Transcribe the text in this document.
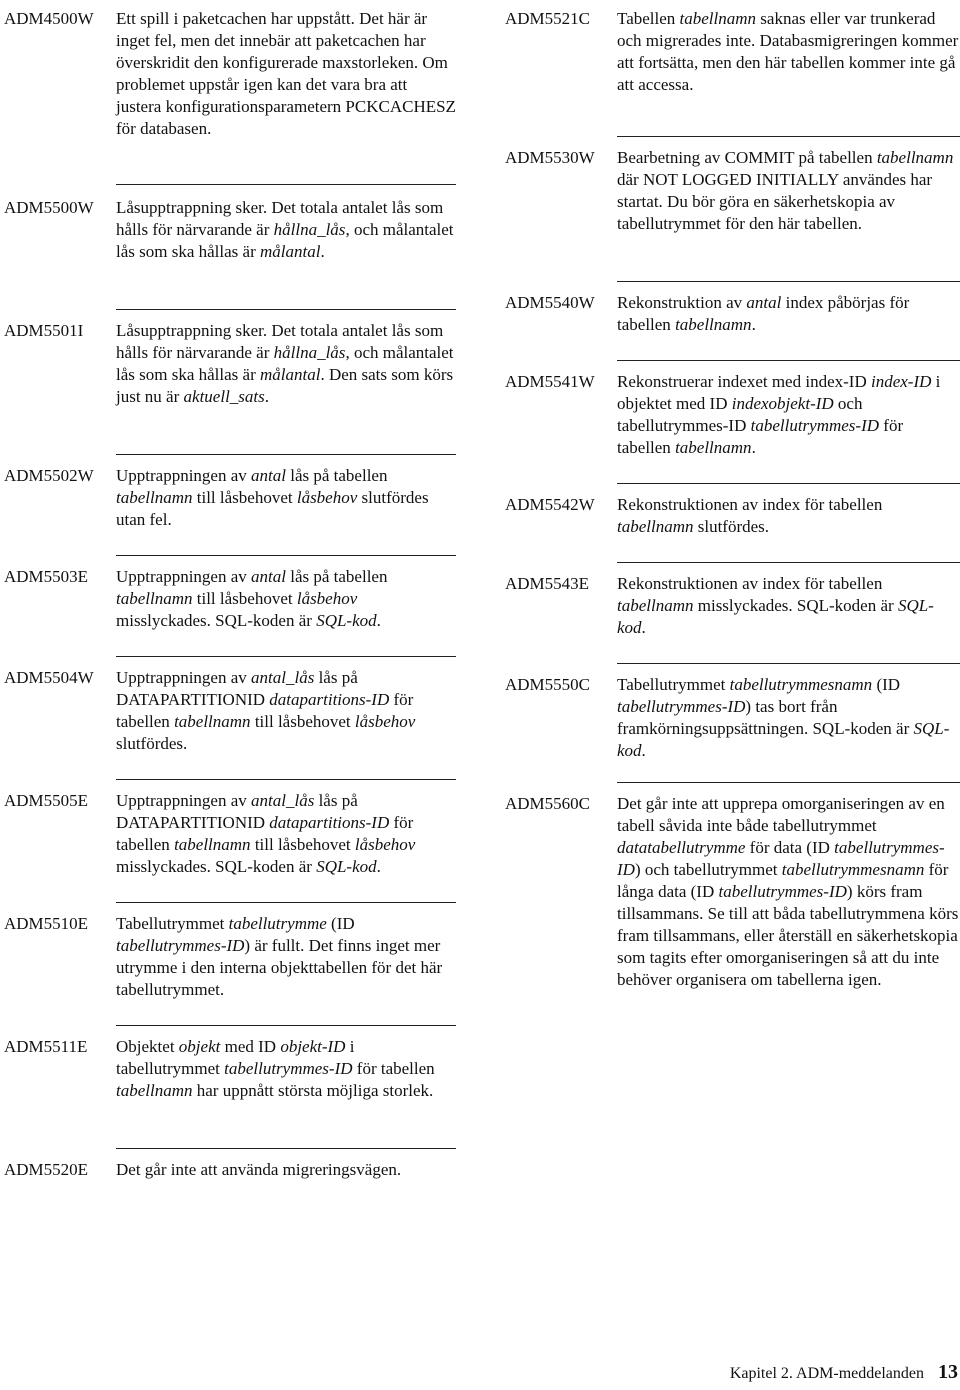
ADM4500W	Ett spill i paketcachen har uppstått. Det här är inget fel, men det innebär att paketcachen har överskridit den konfigurerade maxstorleken. Om problemet uppstår igen kan det vara bra att justera konfigurationsparametern PCKCACHESZ för databasen.
ADM5500W	Låsupptrappning sker. Det totala antalet lås som hålls för närvarande är hållna_lås, och målantalet lås som ska hållas är målantal.
ADM5501I	Låsupptrappning sker. Det totala antalet lås som hålls för närvarande är hållna_lås, och målantalet lås som ska hållas är målantal. Den sats som körs just nu är aktuell_sats.
ADM5502W	Upptrappningen av antal lås på tabellen tabellnamn till låsbehovet låsbehov slutfördes utan fel.
ADM5503E	Upptrappningen av antal lås på tabellen tabellnamn till låsbehovet låsbehov misslyckades. SQL-koden är SQL-kod.
ADM5504W	Upptrappningen av antal_lås lås på DATAPARTITIONID datapartitions-ID för tabellen tabellnamn till låsbehovet låsbehov slutfördes.
ADM5505E	Upptrappningen av antal_lås lås på DATAPARTITIONID datapartitions-ID för tabellen tabellnamn till låsbehovet låsbehov misslyckades. SQL-koden är SQL-kod.
ADM5510E	Tabellutrymmet tabellutrymme (ID tabellutrymmes-ID) är fullt. Det finns inget mer utrymme i den interna objekttabellen för det här tabellutrymmet.
ADM5511E	Objektet objekt med ID objekt-ID i tabellutrymmet tabellutrymmes-ID för tabellen tabellnamn har uppnått största möjliga storlek.
ADM5520E	Det går inte att använda migreringsvägen.
ADM5521C	Tabellen tabellnamn saknas eller var trunkerad och migrerades inte. Databasmigreringen kommer att fortsätta, men den här tabellen kommer inte gå att accessa.
ADM5530W	Bearbetning av COMMIT på tabellen tabellnamn där NOT LOGGED INITIALLY användes har startat. Du bör göra en säkerhetskopia av tabellutrymmet för den här tabellen.
ADM5540W	Rekonstruktion av antal index påbörjas för tabellen tabellnamn.
ADM5541W	Rekonstruerar indexet med index-ID index-ID i objektet med ID indexobjekt-ID och tabellutrymmes-ID tabellutrymmes-ID för tabellen tabellnamn.
ADM5542W	Rekonstruktionen av index för tabellen tabellnamn slutfördes.
ADM5543E	Rekonstruktionen av index för tabellen tabellnamn misslyckades. SQL-koden är SQL-kod.
ADM5550C	Tabellutrymmet tabellutrymmesnamn (ID tabellutrymmes-ID) tas bort från framkörningsuppsättningen. SQL-koden är SQL-kod.
ADM5560C	Det går inte att upprepa omorganiseringen av en tabell såvida inte både tabellutrymmet datatabellutrymme för data (ID tabellutrymmes-ID) och tabellutrymmet tabellutrymmesnamn för långa data (ID tabellutrymmes-ID) körs fram tillsammans. Se till att båda tabellutrymmena körs fram tillsammans, eller återställ en säkerhetskopia som tagits efter omorganiseringen så att du inte behöver organisera om tabellerna igen.
Kapitel 2. ADM-meddelanden 13
